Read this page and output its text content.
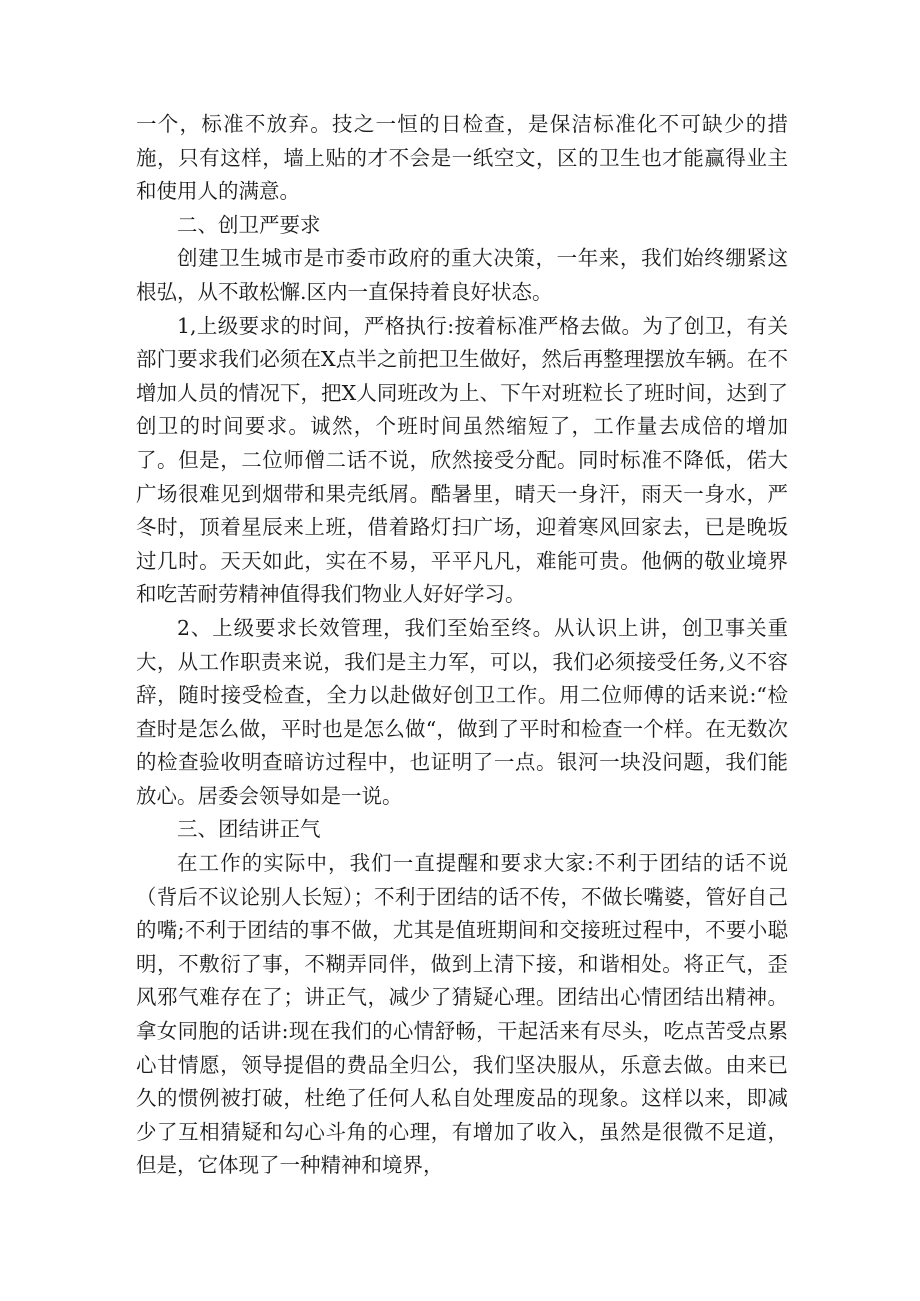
一个，标准不放弃。技之一恒的日检查，是保洁标准化不可缺少的措施，只有这样，墙上贴的才不会是一纸空文，区的卫生也才能赢得业主和使用人的满意。

二、创卫严要求

创建卫生城市是市委市政府的重大决策，一年来，我们始终绷紧这根弘，从不敢松懈.区内一直保持着良好状态。

1,上级要求的时间，严格执行:按着标准严格去做。为了创卫，有关部门要求我们必须在X点半之前把卫生做好，然后再整理摆放车辆。在不增加人员的情况下，把X人同班改为上、下午对班粒长了班时间，达到了创卫的时间要求。诚然，个班时间虽然缩短了，工作量去成倍的增加了。但是，二位师僧二话不说，欣然接受分配。同时标准不降低，偌大广场很难见到烟带和果壳纸屑。酷暑里，晴天一身汗，雨天一身水，严冬时，顶着星辰来上班，借着路灯扫广场，迎着寒风回家去，已是晚坂过几时。天天如此，实在不易，平平凡凡，难能可贵。他俩的敬业境界和吃苦耐劳精神值得我们物业人好好学习。

2、上级要求长效管理，我们至始至终。从认识上讲，创卫事关重大，从工作职责来说，我们是主力军，可以，我们必须接受任务,义不容辞，随时接受检查，全力以赴做好创卫工作。用二位师傅的话来说:“检查时是怎么做，平时也是怎么做“，做到了平时和检查一个样。在无数次的检查验收明查暗访过程中，也证明了一点。银河一块没问题，我们能放心。居委会领导如是一说。

三、团结讲正气

在工作的实际中，我们一直提醒和要求大家:不利于团结的话不说（背后不议论别人长短）；不利于团结的话不传，不做长嘴婆，管好自己的嘴;不利于团结的事不做，尤其是值班期间和交接班过程中，不要小聪明，不敷衍了事，不糊弄同伴，做到上清下接，和谐相处。将正气，歪风邪气难存在了；讲正气，减少了猜疑心理。团结出心情团结出精神。拿女同胞的话讲:现在我们的心情舒畅，干起活来有尽头，吃点苦受点累心甘情愿，领导提倡的费品全归公，我们坚决服从，乐意去做。由来已久的惯例被打破，杜绝了任何人私自处理废品的现象。这样以来，即减少了互相猜疑和勾心斗角的心理，有增加了收入，虽然是很微不足道，但是，它体现了一种精神和境界，
